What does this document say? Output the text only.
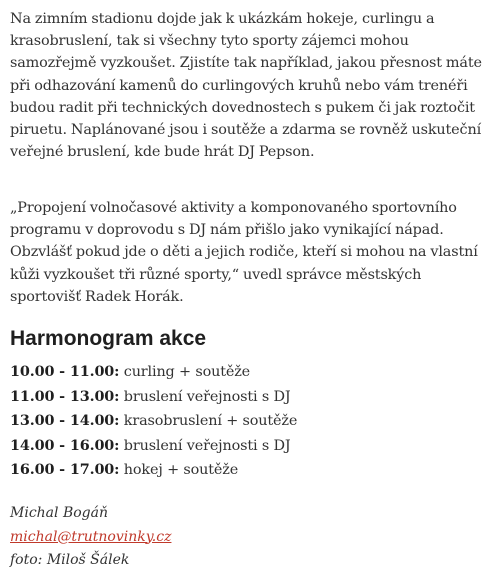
Na zimním stadionu dojde jak k ukázkám hokeje, curlingu a krasobruslení, tak si všechny tyto sporty zájemci mohou samozřejmě vyzkoušet. Zjistíte tak například, jakou přesnost máte při odhazování kamenů do curlingových kruhů nebo vám trenéři budou radit při technických dovednostech s pukem či jak roztočit piruetu. Naplánované jsou i soutěže a zdarma se rovněž uskuteční veřejné bruslení, kde bude hrát DJ Pepson.

„Propojení volnočasové aktivity a komponovaného sportovního programu v doprovodu s DJ nám přišlo jako vynikající nápad. Obzvlášť pokud jde o děti a jejich rodiče, kteří si mohou na vlastní kůži vyzkoušet tři různé sporty,“ uvedl správce městských sportovišť Radek Horák.

Harmonogram akce
10.00 - 11.00: curling + soutěže
11.00 - 13.00: bruslení veřejnosti s DJ
13.00 - 14.00: krasobruslení + soutěže
14.00 - 16.00: bruslení veřejnosti s DJ
16.00 - 17.00: hokej + soutěže
Michal Bogáň
michal@trutnovinky.cz
foto: Miloš Šálek
